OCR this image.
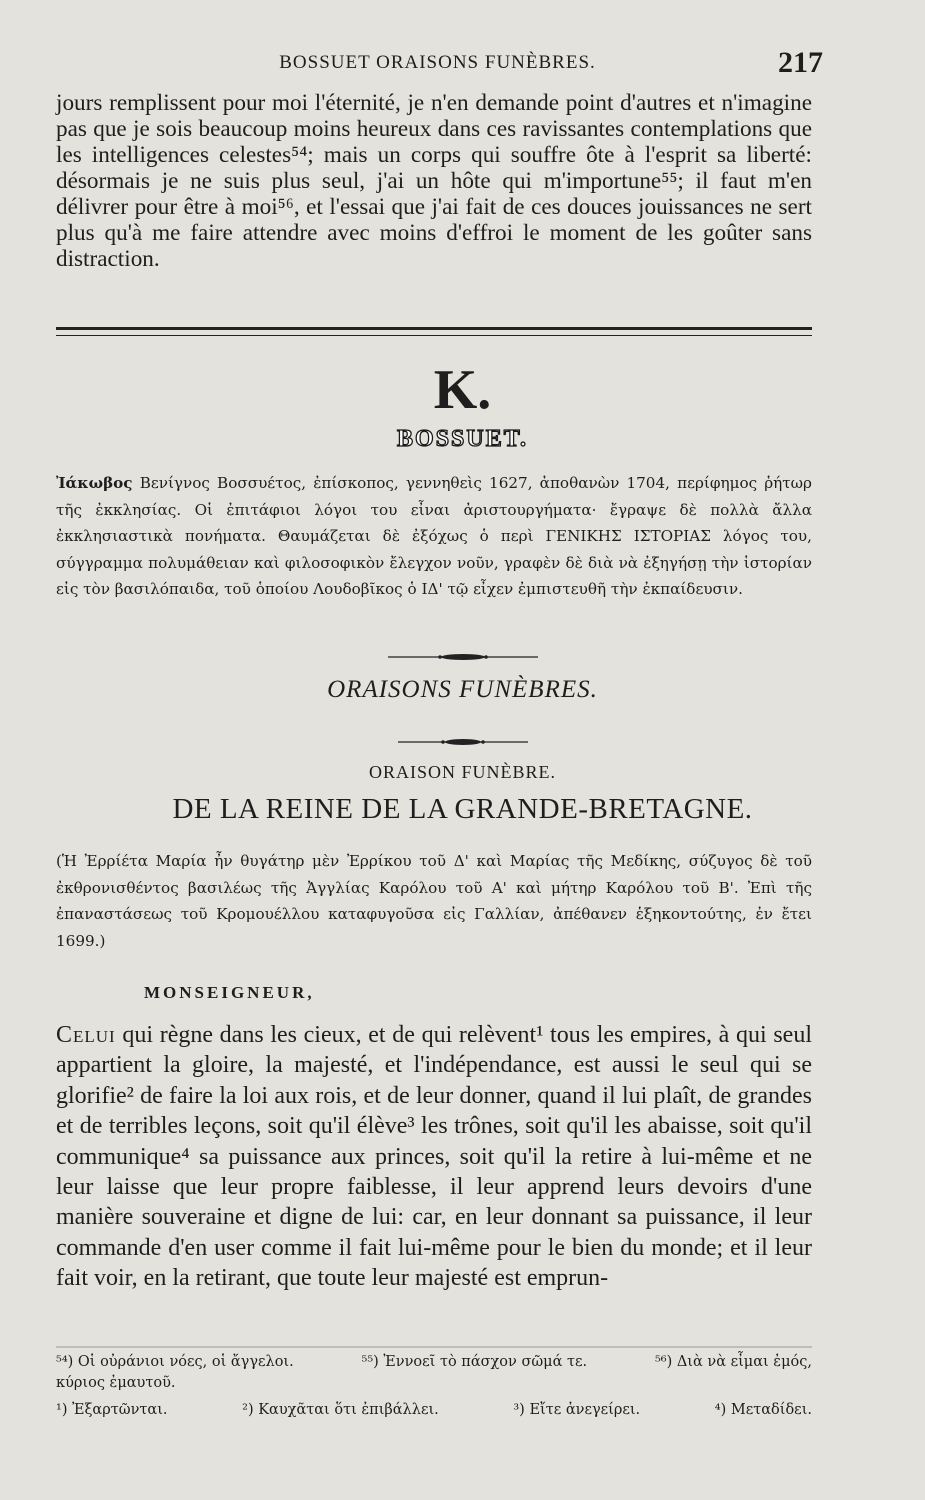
BOSSUET ORAISONS FUNÈBRES.	217
jours remplissent pour moi l'éternité, je n'en demande point d'autres et n'imagine pas que je sois beaucoup moins heureux dans ces ravissantes contemplations que les intelligences celestes⁵⁴; mais un corps qui souffre ôte à l'esprit sa liberté: désormais je ne suis plus seul, j'ai un hôte qui m'importune⁵⁵; il faut m'en délivrer pour être à moi⁵⁶, et l'essai que j'ai fait de ces douces jouissances ne sert plus qu'à me faire attendre avec moins d'effroi le moment de les goûter sans distraction.
K.
BOSSUET.
Ἰάκωβος Βενίγνος Βοσσυέτος, ἐπίσκοπος, γεννηθεὶς 1627, ἀποθανὼν 1704, περίφημος ῥήτωρ τῆς ἐκκλησίας. Οἱ ἐπιτάφιοι λόγοι του εἶναι ἀριστουργήματα· ἔγραψε δὲ πολλὰ ἄλλα ἐκκλησιαστικὰ πονήματα. Θαυμάζεται δὲ ἐξόχως ὁ περὶ ΓΕΝΙΚΗΣ ΙΣΤΟΡΙΑΣ λόγος του, σύγγραμμα πολυμάθειαν καὶ φιλοσοφικὸν ἔλεγχον νοῦν, γραφὲν δὲ διὰ νὰ ἐξηγήσῃ τὴν ἱστορίαν εἰς τὸν βασιλόπαιδα, τοῦ ὁποίου Λουδοβῖκος ὁ ΙΔ' τῷ εἶχεν ἐμπιστευθῆ τὴν ἐκπαίδευσιν.
ORAISONS FUNÈBRES.
ORAISON FUNÈBRE.
DE LA REINE DE LA GRANDE-BRETAGNE.
(Ἡ Ἐρρίέτα Μαρία ἦν θυγάτηρ μὲν Ἐρρίκου τοῦ Δ' καὶ Μαρίας τῆς Μεδίκης, σύζυγος δὲ τοῦ ἐκθρονισθέντος βασιλέως τῆς Ἀγγλίας Καρόλου τοῦ Α' καὶ μήτηρ Καρόλου τοῦ Β'. Ἐπὶ τῆς ἐπαναστάσεως τοῦ Κρομουέλλου καταφυγοῦσα εἰς Γαλλίαν, ἀπέθανεν ἑξηκοντούτης, ἐν ἔτει 1699.)
MONSEIGNEUR,
Celui qui règne dans les cieux, et de qui relèvent¹ tous les empires, à qui seul appartient la gloire, la majesté, et l'indépendance, est aussi le seul qui se glorifie² de faire la loi aux rois, et de leur donner, quand il lui plaît, de grandes et de terribles leçons, soit qu'il élève³ les trônes, soit qu'il les abaisse, soit qu'il communique⁴ sa puissance aux princes, soit qu'il la retire à lui-même et ne leur laisse que leur propre faiblesse, il leur apprend leurs devoirs d'une manière souveraine et digne de lui: car, en leur donnant sa puissance, il leur commande d'en user comme il fait lui-même pour le bien du monde; et il leur fait voir, en la retirant, que toute leur majesté est emprun-
⁵⁴) Οἱ οὐράνιοι νόες, οἱ ἄγγελοι.	⁵⁵) Ἐννοεῖ τὸ πάσχον σῶμά τε.	⁵⁶) Διὰ νὰ εἶμαι ἐμός,
κύριος ἐμαυτοῦ.
¹) Ἐξαρτῶνται.	²) Καυχᾶται ὅτι ἐπιβάλλει.	³) Εἴτε ἀνεγείρει.	⁴) Μεταδίδει.
